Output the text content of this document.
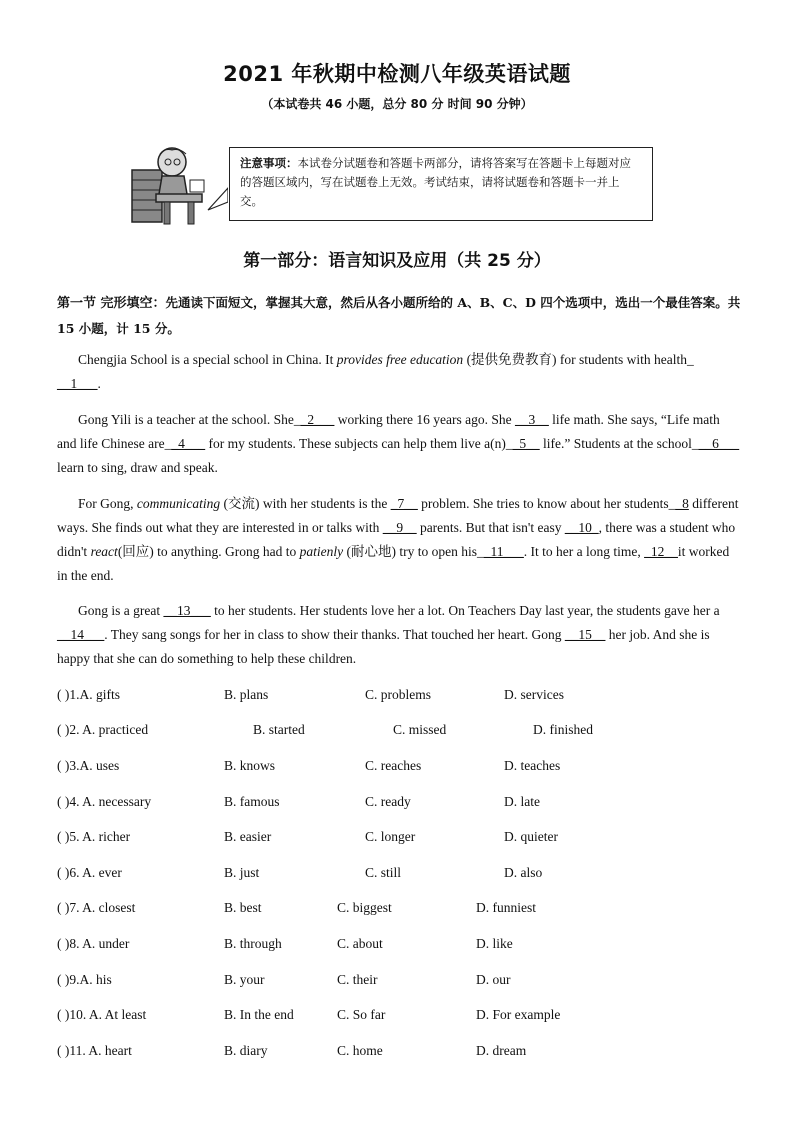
2021 年秋期中检测八年级英语试题
（本试卷共 46 小题，总分 80 分 时间 90 分钟）
注意事项：本试卷分试题卷和答题卡两部分，请将答案写在答题卡上每题对应的答题区域内，写在试题卷上无效。考试结束，请将试题卷和答题卡一并上交。
第一部分：语言知识及应用（共 25 分）
第一节 完形填空：先通读下面短文，掌握其大意，然后从各小题所给的 A、B、C、D 四个选项中，选出一个最佳答案。共 15 小题，计 15 分。
Chengjia School is a special school in China. It provides free education (提供免费教育) for students with health_
__1___.
Gong Yili is a teacher at the school. She__2___ working there 16 years ago. She __3__ life math. She says, “Life math and life Chinese are__4___ for my students. These subjects can help them live a(n)__5__ life.” Students at the school___6___ learn to sing, draw and speak.
For Gong, communicating (交流) with her students is the _7__ problem. She tries to know about her students__8 different ways. She finds out what they are interested in or talks with __9__ parents. But that isn't easy __10_, there was a student who didn't react(回应) to anything. Grong had to patienly (耐心地) try to open his__11___. It to her a long time, _12__it worked in the end.
Gong is a great __13___ to her students. Her students love her a lot. On Teachers Day last year, the students gave her a __14___. They sang songs for her in class to show their thanks. That touched her heart. Gong __15__ her job. And she is happy that she can do something to help these children.
( )1.A. gifts	B. plans	C. problems	D. services
( )2. A. practiced	B. started	C. missed	D. finished
( )3.A. uses	B. knows	C. reaches	D. teaches
( )4. A. necessary	B. famous	C. ready	D. late
( )5. A. richer	B. easier	C. longer	D. quieter
( )6. A. ever	B. just	C. still	D. also
( )7. A. closest	B. best	C. biggest	D. funniest
( )8. A. under	B. through	C. about	D. like
( )9.A. his	B. your	C. their	D. our
( )10. A. At least	B. In the end	C. So far	D. For example
( )11. A. heart	B. diary	C. home	D. dream
